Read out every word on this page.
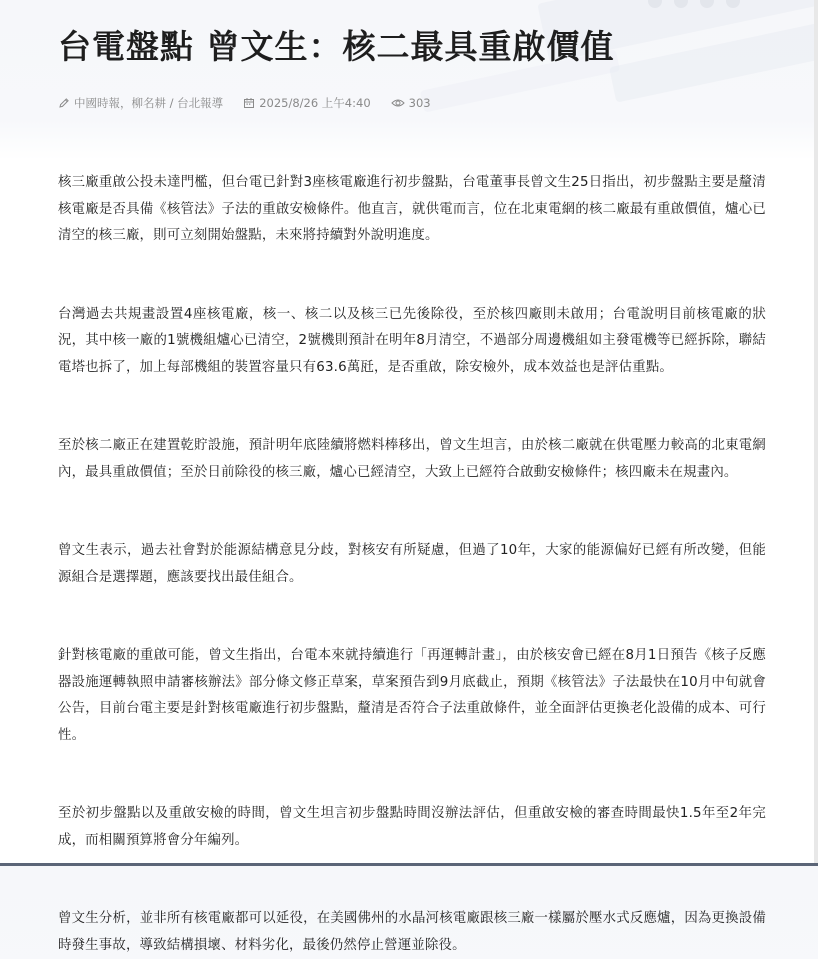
台電盤點 曾文生：核二最具重啟價值
中國時報，柳名耕 / 台北報導	2025/8/26 上午4:40	303

核三廠重啟公投未達門檻，但台電已針對3座核電廠進行初步盤點，台電董事長曾文生25日指出，初步盤點主要是釐清核電廠是否具備《核管法》子法的重啟安檢條件。他直言，就供電而言，位在北東電網的核二廠最有重啟價值，爐心已清空的核三廠，則可立刻開始盤點，未來將持續對外說明進度。

台灣過去共規畫設置4座核電廠，核一、核二以及核三已先後除役，至於核四廠則未啟用；台電說明目前核電廠的狀況，其中核一廠的1號機組爐心已清空，2號機則預計在明年8月清空，不過部分周邊機組如主發電機等已經拆除，聯結電塔也拆了，加上每部機組的裝置容量只有63.6萬瓩，是否重啟，除安檢外，成本效益也是評估重點。

至於核二廠正在建置乾貯設施，預計明年底陸續將燃料棒移出，曾文生坦言，由於核二廠就在供電壓力較高的北東電網內，最具重啟價值；至於日前除役的核三廠，爐心已經清空，大致上已經符合啟動安檢條件；核四廠未在規畫內。

曾文生表示，過去社會對於能源結構意見分歧，對核安有所疑慮，但過了10年，大家的能源偏好已經有所改變，但能源組合是選擇題，應該要找出最佳組合。

針對核電廠的重啟可能，曾文生指出，台電本來就持續進行「再運轉計畫」，由於核安會已經在8月1日預告《核子反應器設施運轉執照申請審核辦法》部分條文修正草案，草案預告到9月底截止，預期《核管法》子法最快在10月中旬就會公告，目前台電主要是針對核電廠進行初步盤點，釐清是否符合子法重啟條件，並全面評估更換老化設備的成本、可行性。

至於初步盤點以及重啟安檢的時間，曾文生坦言初步盤點時間沒辦法評估，但重啟安檢的審查時間最快1.5年至2年完成，而相關預算將會分年編列。

曾文生分析，並非所有核電廠都可以延役，在美國佛州的水晶河核電廠跟核三廠一樣屬於壓水式反應爐，因為更換設備時發生事故，導致結構損壞、材料劣化，最後仍然停止營運並除役。
